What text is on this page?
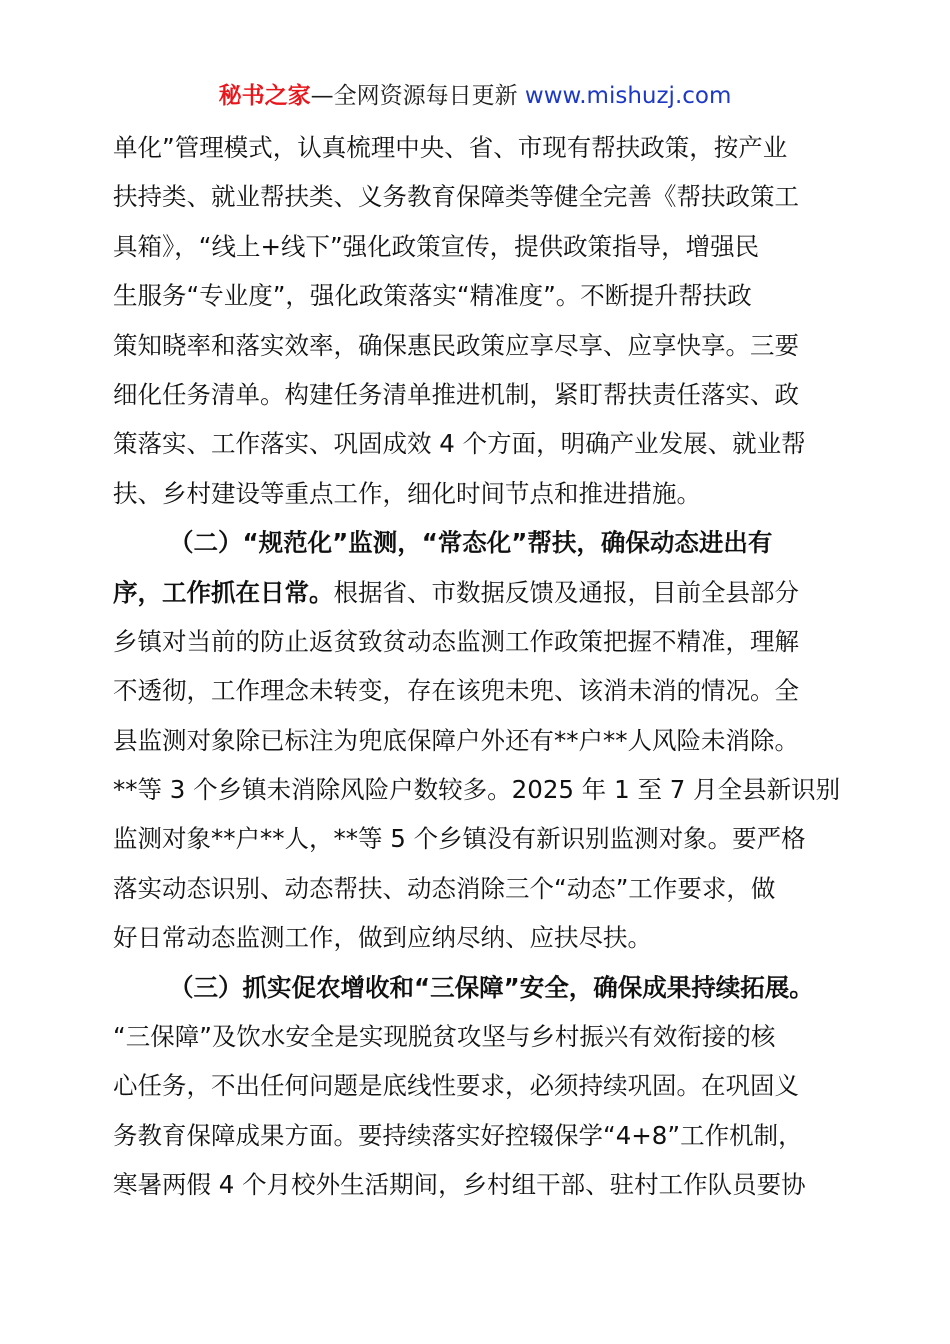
秘书之家—全网资源每日更新 www.mishuzj.com
单化”管理模式，认真梳理中央、省、市现有帮扶政策，按产业
扶持类、就业帮扶类、义务教育保障类等健全完善《帮扶政策工
具箱》，“线上+线下”强化政策宣传，提供政策指导，增强民
生服务“专业度”，强化政策落实“精准度”。不断提升帮扶政
策知晓率和落实效率，确保惠民政策应享尽享、应享快享。三要
细化任务清单。构建任务清单推进机制，紧盯帮扶责任落实、政
策落实、工作落实、巩固成效 4 个方面，明确产业发展、就业帮
扶、乡村建设等重点工作，细化时间节点和推进措施。
（二）“规范化”监测，“常态化”帮扶，确保动态进出有
序，工作抓在日常。根据省、市数据反馈及通报，目前全县部分
乡镇对当前的防止返贫致贫动态监测工作政策把握不精准，理解
不透彻，工作理念未转变，存在该兜未兜、该消未消的情况。全
县监测对象除已标注为兜底保障户外还有**户**人风险未消除。
**等 3 个乡镇未消除风险户数较多。2025 年 1 至 7 月全县新识别
监测对象**户**人，**等 5 个乡镇没有新识别监测对象。要严格
落实动态识别、动态帮扶、动态消除三个“动态”工作要求，做
好日常动态监测工作，做到应纳尽纳、应扶尽扶。
（三）抓实促农增收和“三保障”安全，确保成果持续拓展。
“三保障”及饮水安全是实现脱贫攻坚与乡村振兴有效衔接的核
心任务，不出任何问题是底线性要求，必须持续巩固。在巩固义
务教育保障成果方面。要持续落实好控辍保学“4+8”工作机制，
寒暑两假 4 个月校外生活期间，乡村组干部、驻村工作队员要协
